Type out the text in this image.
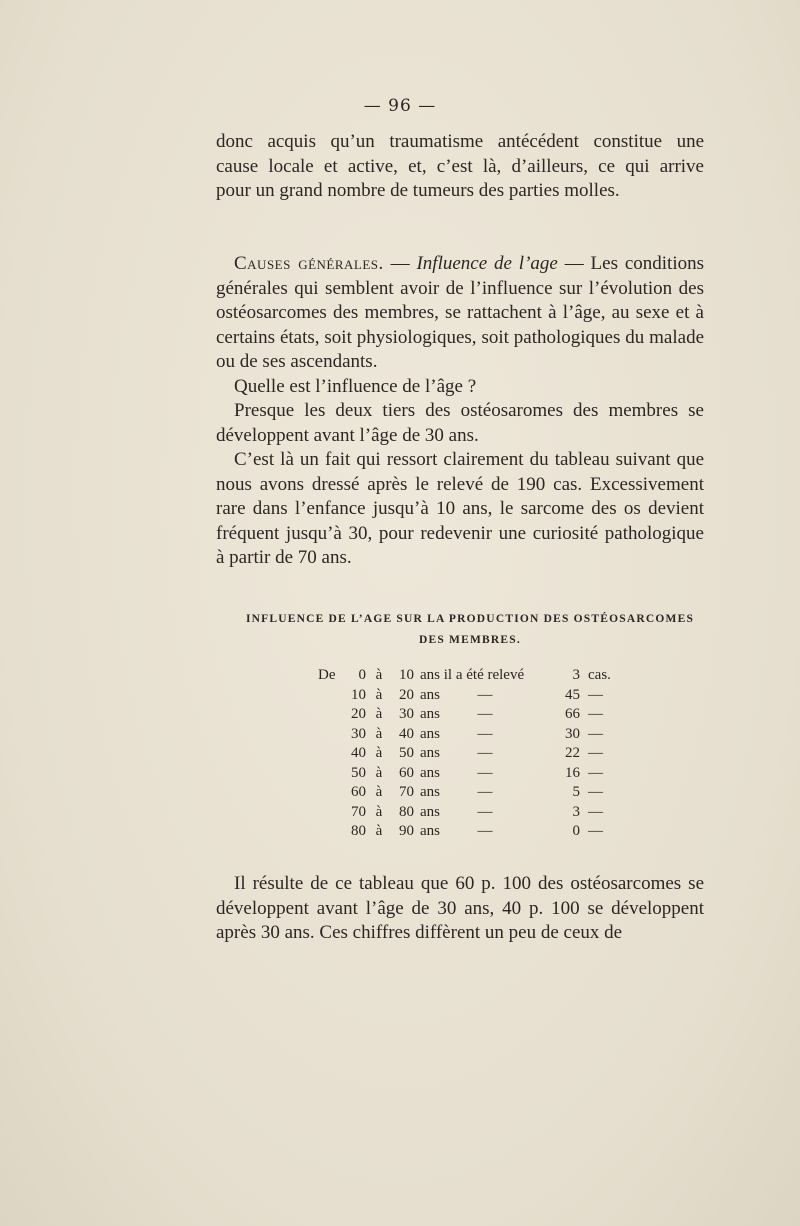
— 96 —

donc acquis qu’un traumatisme antécédent constitue une

cause locale et active, et, c’est là, d’ailleurs, ce qui arrive

pour un grand nombre de tumeurs des parties molles.

Causes générales. — Influence de l’age — Les conditions générales qui semblent avoir de l’influence sur l’évolution des ostéosarcomes des membres, se rattachent à l’âge, au sexe et à certains états, soit physiologiques, soit pathologiques du malade ou de ses ascendants.

Quelle est l’influence de l’âge ?

Presque les deux tiers des ostéosaromes des membres se développent avant l’âge de 30 ans.

C’est là un fait qui ressort clairement du tableau suivant que nous avons dressé après le relevé de 190 cas. Excessivement rare dans l’enfance jusqu’à 10 ans, le sarcome des os devient fréquent jusqu’à 30, pour redevenir une curiosité pathologique à partir de 70 ans.

INFLUENCE DE L’AGE SUR LA PRODUCTION DES OSTÉOSARCOMES
DES MEMBRES.
De	0 à	10 ans il a été relevé	3 cas.
10 à	20 ans          —	45 —
20 à	30 ans          —	66 —
30 à	40 ans          —	30 —
40 à	50 ans          —	22 —
50 à	60 ans          —	16 —
60 à	70 ans          —	5 —
70 à	80 ans          —	3 —
80 à	90 ans          —	0 —

Il résulte de ce tableau que 60 p. 100 des ostéosarcomes se développent avant l’âge de 30 ans, 40 p. 100 se développent après 30 ans. Ces chiffres diffèrent un peu de ceux de
